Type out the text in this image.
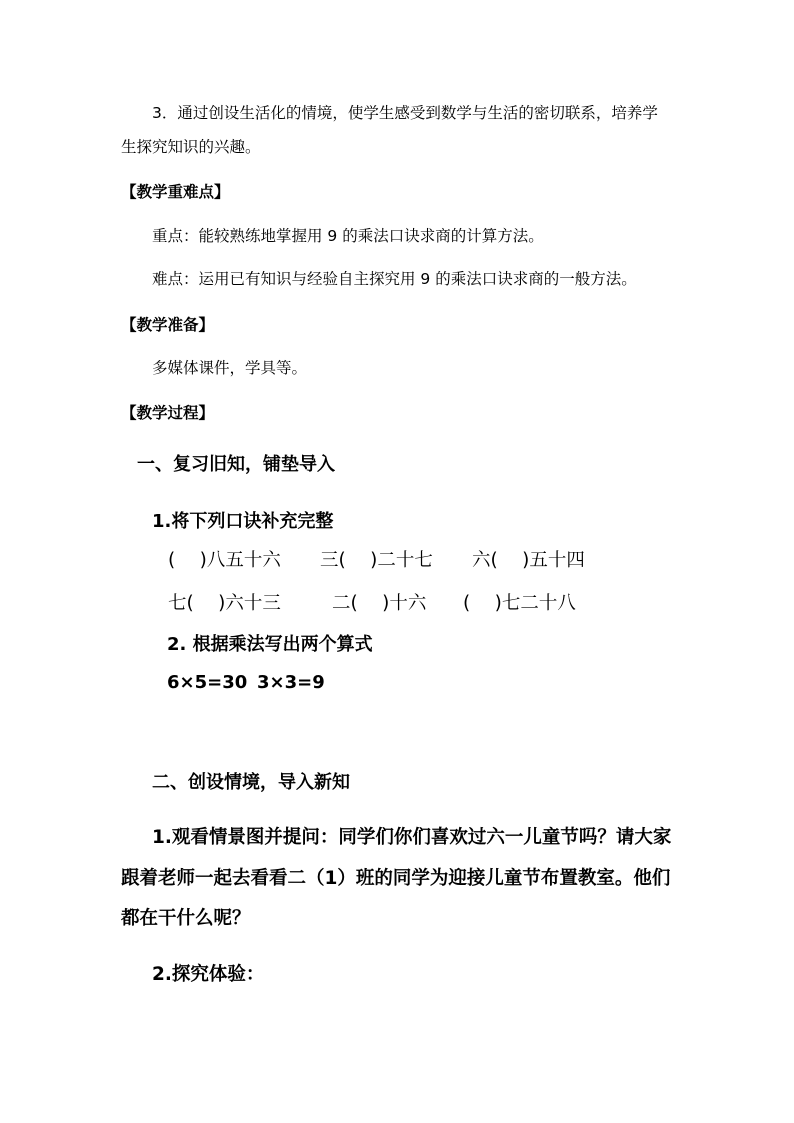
3．通过创设生活化的情境，使学生感受到数学与生活的密切联系，培养学
生探究知识的兴趣。
【教学重难点】
重点：能较熟练地掌握用 9 的乘法口诀求商的计算方法。
难点：运用已有知识与经验自主探究用 9 的乘法口诀求商的一般方法。
【教学准备】
多媒体课件，学具等。
【教学过程】
一、复习旧知，铺垫导入
1.将下列口诀补充完整
(　 )八五十六 三(　 )二十七 六(　 )五十四
七(　 )六十三	二(　 )十六 (　 )七二十八
2. 根据乘法写出两个算式
6×5=30 3×3=9
二、创设情境，导入新知
1.观看情景图并提问：同学们你们喜欢过六一儿童节吗？请大家
跟着老师一起去看看二（1）班的同学为迎接儿童节布置教室。他们
都在干什么呢？
2.探究体验：
